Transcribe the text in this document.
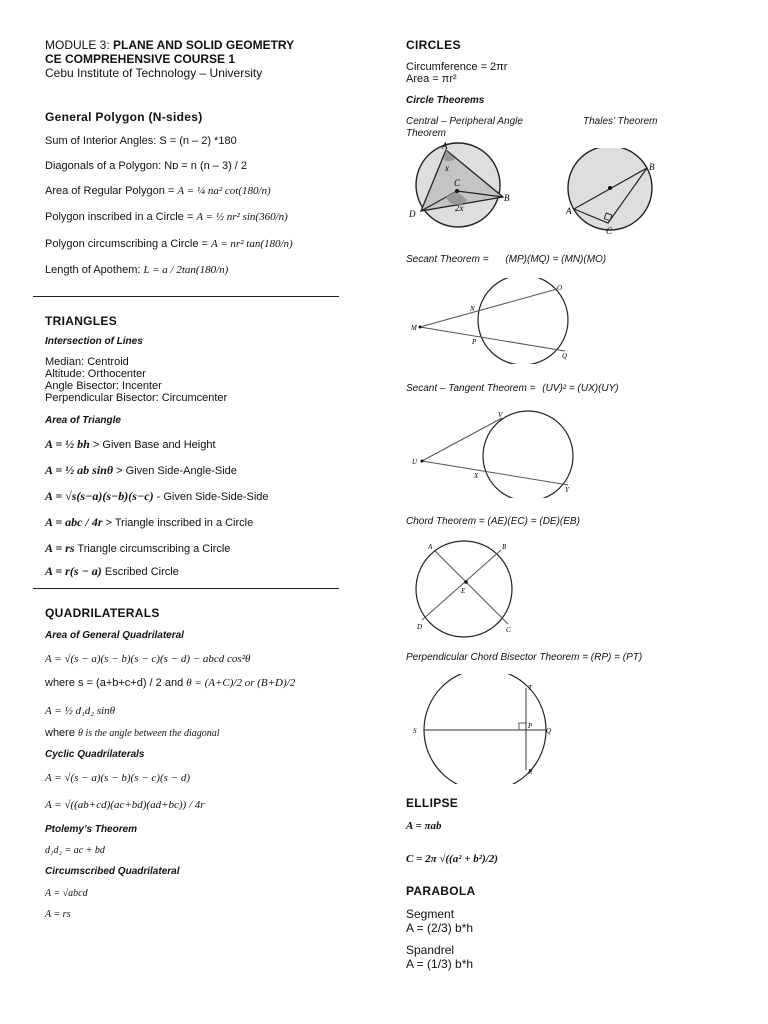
MODULE 3: PLANE AND SOLID GEOMETRY
CE COMPREHENSIVE COURSE 1
Cebu Institute of Technology – University
General Polygon (N-sides)
Sum of Interior Angles: S = (n – 2) *180
Diagonals of a Polygon: Nᴅ = n (n – 3) / 2
Area of Regular Polygon = A = ¼ na² cot(180/n)
Polygon inscribed in a Circle = A = ½ nr² sin(360/n)
Polygon circumscribing a Circle = A = nr² tan(180/n)
Length of Apothem: L = a / 2tan(180/n)
TRIANGLES
Intersection of Lines
Median: Centroid
Altitude: Orthocenter
Angle Bisector: Incenter
Perpendicular Bisector: Circumcenter
Area of Triangle
A = ½ bh > Given Base and Height
A = ½ ab sinθ > Given Side-Angle-Side
A = √s(s−a)(s−b)(s−c) - Given Side-Side-Side
A = abc / 4r > Triangle inscribed in a Circle
A = rs Triangle circumscribing a Circle
A = r(s − a) Escribed Circle
QUADRILATERALS
Area of General Quadrilateral
A = √(s − a)(s − b)(s − c)(s − d) − abcd cos²θ
where s = (a+b+c+d) / 2 and θ = (A+C)/2 or (B+D)/2
A = ½ d₁d₂ sinθ
where θ is the angle between the diagonal
Cyclic Quadrilaterals
A = √(s − a)(s − b)(s − c)(s − d)
A = √((ab+cd)(ac+bd)(ad+bc)) / 4r
Ptolemy’s Theorem
d₁d₂ = ac + bd
Circumscribed Quadrilateral
A = √abcd
A = rs
CIRCLES
Circumference = 2πr
Area = πr²
Circle Theorems
Central – Peripheral Angle Theorem
Thales’ Theorem
A
B
C
D
x
2x
B
A
C
Secant Theorem = (MP)(MQ) = (MN)(MO)
M
N
O
P
Q
Secant – Tangent Theorem = (UV)² = (UX)(UY)
U
V
X
Y
Chord Theorem = (AE)(EC) = (DE)(EB)
A	B
C
D
E
Perpendicular Chord Bisector Theorem = (RP) = (PT)
S
T
P
Q
R
ELLIPSE
A = πab
C = 2π √((a² + b²)/2)
PARABOLA
Segment
A = (2/3) b*h
Spandrel
A = (1/3) b*h
